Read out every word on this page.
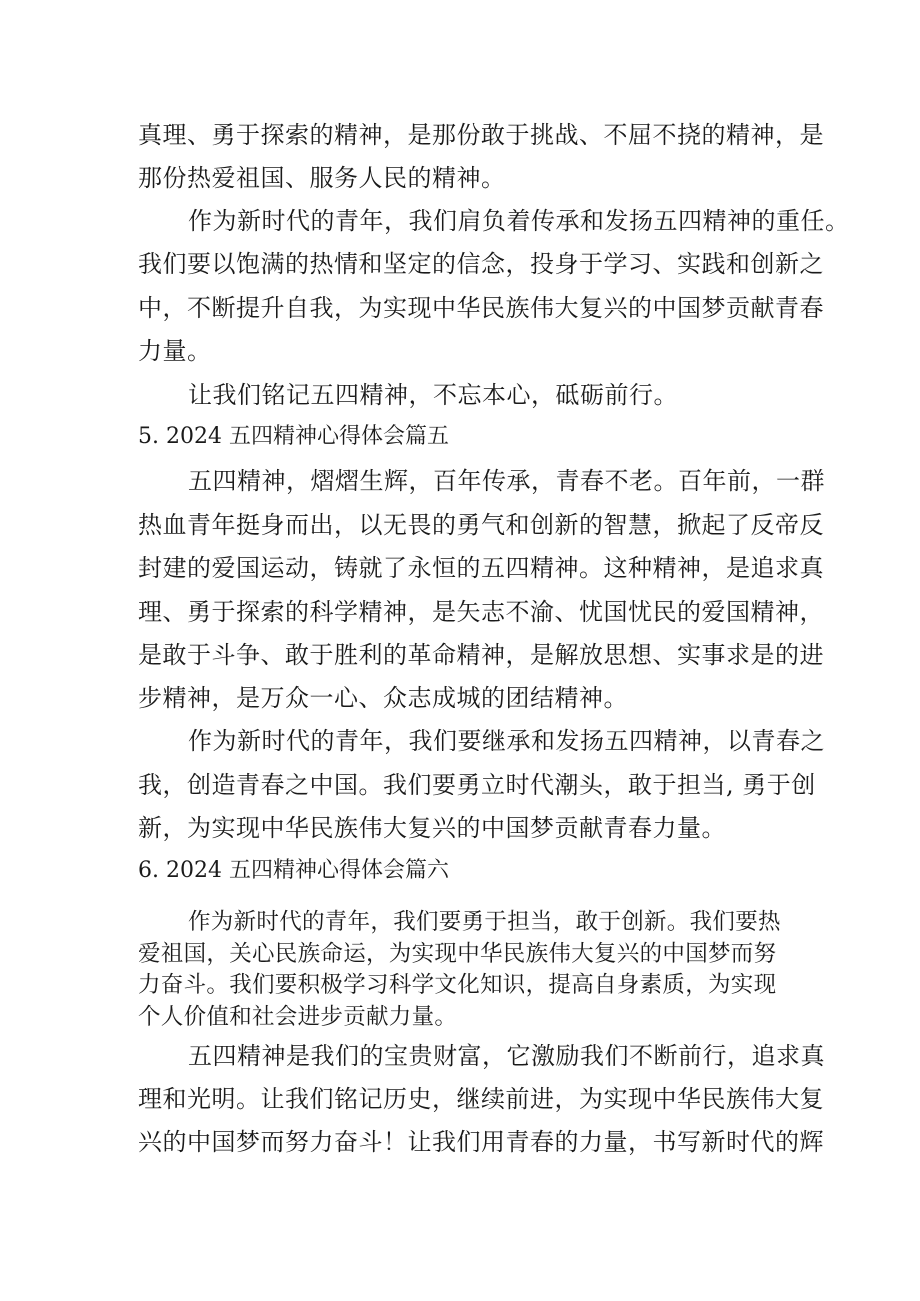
真理、勇于探索的精神，是那份敢于挑战、不屈不挠的精神，是
那份热爱祖国、服务人民的精神。
作为新时代的青年，我们肩负着传承和发扬五四精神的重任。
我们要以饱满的热情和坚定的信念，投身于学习、实践和创新之
中，不断提升自我，为实现中华民族伟大复兴的中国梦贡献青春
力量。
让我们铭记五四精神，不忘本心，砥砺前行。
5. 2024 五四精神心得体会篇五
五四精神，熠熠生辉，百年传承，青春不老。百年前，一群
热血青年挺身而出，以无畏的勇气和创新的智慧，掀起了反帝反
封建的爱国运动，铸就了永恒的五四精神。这种精神，是追求真
理、勇于探索的科学精神，是矢志不渝、忧国忧民的爱国精神，
是敢于斗争、敢于胜利的革命精神，是解放思想、实事求是的进
步精神，是万众一心、众志成城的团结精神。
作为新时代的青年，我们要继承和发扬五四精神，以青春之
我，创造青春之中国。我们要勇立时代潮头，敢于担当, 勇于创
新，为实现中华民族伟大复兴的中国梦贡献青春力量。
6. 2024 五四精神心得体会篇六
作为新时代的青年，我们要勇于担当，敢于创新。我们要热
爱祖国，关心民族命运，为实现中华民族伟大复兴的中国梦而努
力奋斗。我们要积极学习科学文化知识，提高自身素质，为实现
个人价值和社会进步贡献力量。
五四精神是我们的宝贵财富，它激励我们不断前行，追求真
理和光明。让我们铭记历史，继续前进，为实现中华民族伟大复
兴的中国梦而努力奋斗！让我们用青春的力量，书写新时代的辉
